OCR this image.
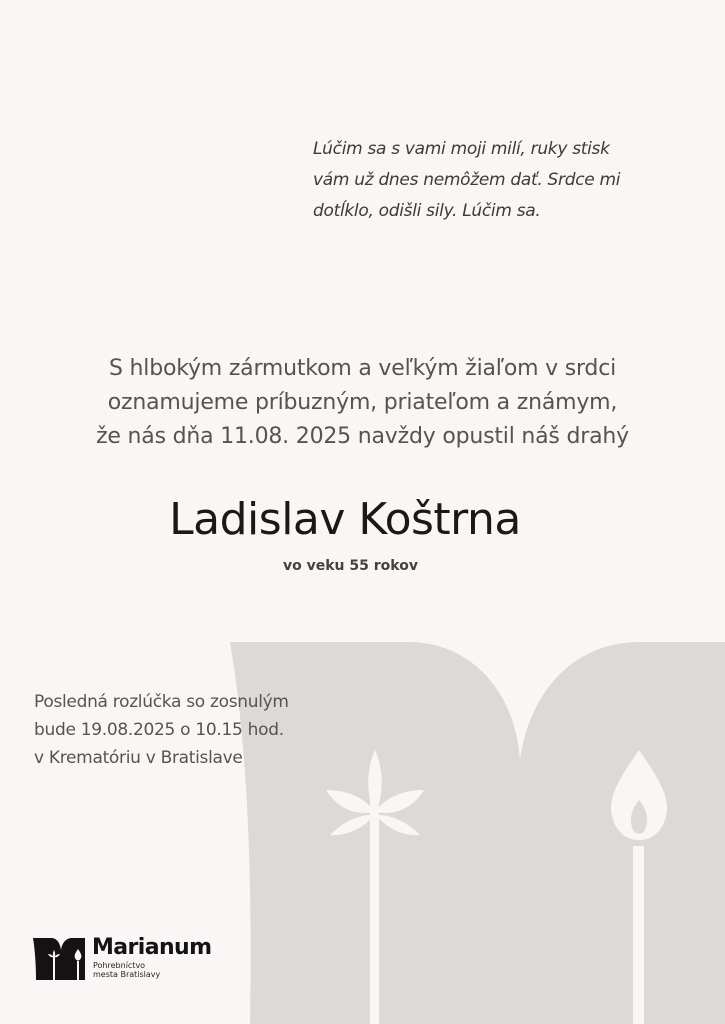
Lúčim sa s vami moji milí, ruky stisk
vám už dnes nemôžem dať. Srdce mi
dotĺklo, odišli sily. Lúčim sa.

S hlbokým zármutkom a veľkým žiaľom v srdci
oznamujeme príbuzným, priateľom a známym,
že nás dňa 11.08. 2025 navždy opustil náš drahý

Ladislav Koštrna

vo veku 55 rokov

Posledná rozlúčka so zosnulým
bude 19.08.2025 o 10.15 hod.
v Krematóriu v Bratislave

Marianum
Pohrebníctvo
mesta Bratislavy
